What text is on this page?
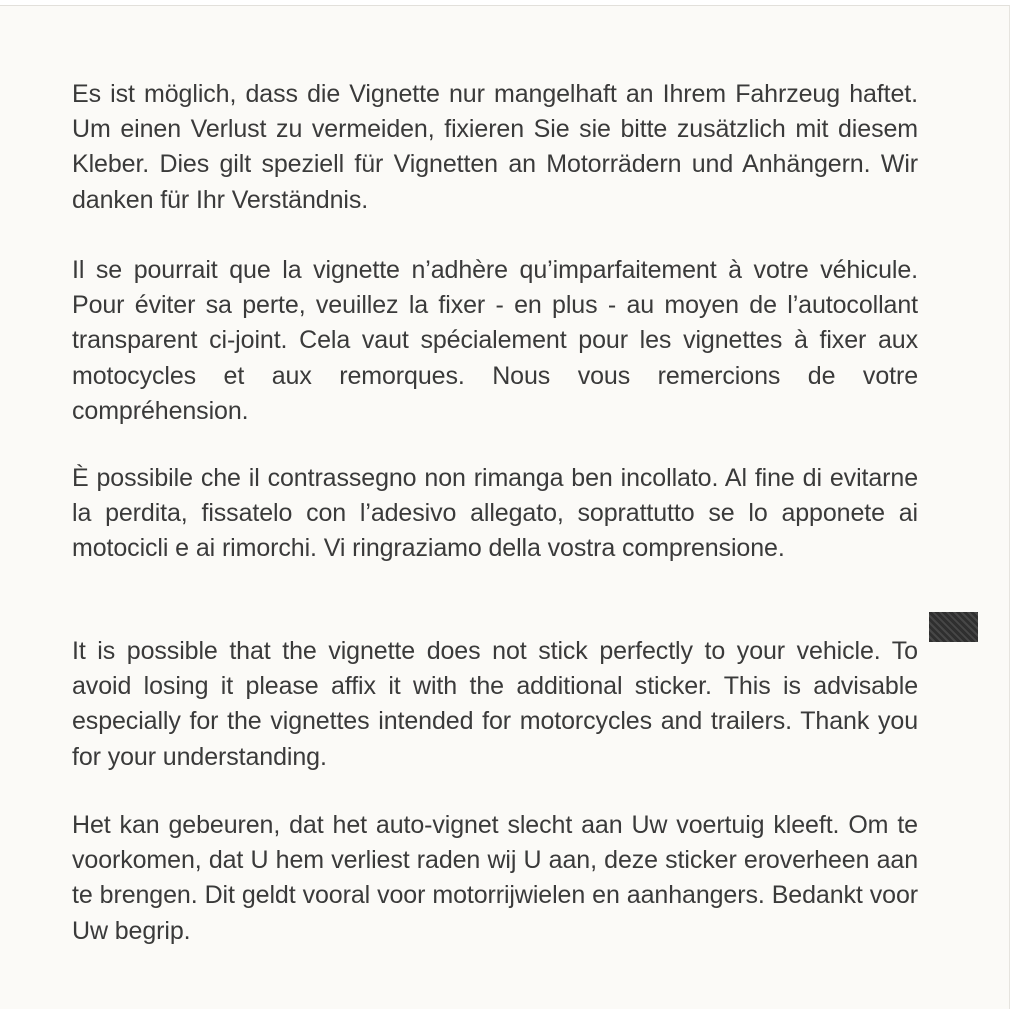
Es ist möglich, dass die Vignette nur mangelhaft an Ihrem Fahrzeug haftet. Um einen Verlust zu vermeiden, fixieren Sie sie bitte zusätzlich mit diesem Kleber. Dies gilt speziell für Vignetten an Motorrädern und Anhängern. Wir danken für Ihr Verständnis.

Il se pourrait que la vignette n’adhère qu’imparfaitement à votre véhicule. Pour éviter sa perte, veuillez la fixer - en plus - au moyen de l’autocollant transparent ci-joint. Cela vaut spécialement pour les vignettes à fixer aux motocycles et aux remorques. Nous vous remercions de votre compréhension.

È possibile che il contrassegno non rimanga ben incollato. Al fine di evitarne la perdita, fissatelo con l’adesivo allegato, soprattutto se lo apponete ai motocicli e ai rimorchi. Vi ringraziamo della vostra comprensione.

It is possible that the vignette does not stick perfectly to your vehicle. To avoid losing it please affix it with the additional sticker. This is advisable especially for the vignettes intended for motorcycles and trailers. Thank you for your understanding.

Het kan gebeuren, dat het auto-vignet slecht aan Uw voertuig kleeft. Om te voorkomen, dat U hem verliest raden wij U aan, deze sticker eroverheen aan te brengen. Dit geldt vooral voor motorrijwielen en aanhangers. Bedankt voor Uw begrip.
